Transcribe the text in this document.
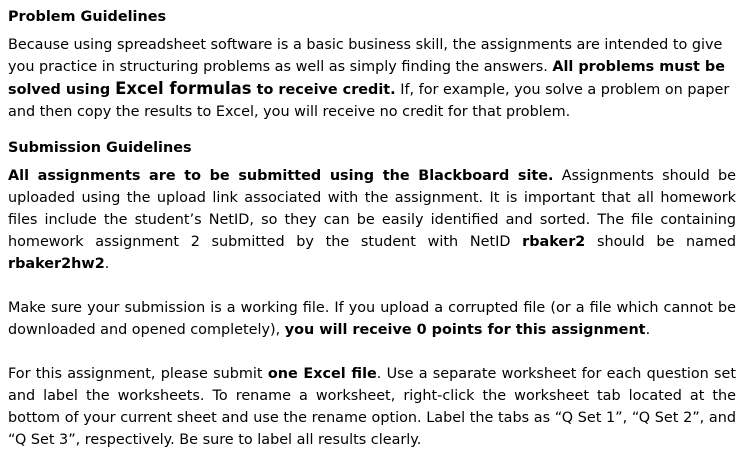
Problem Guidelines

Because using spreadsheet software is a basic business skill, the assignments are intended to give you practice in structuring problems as well as simply finding the answers. All problems must be solved using Excel formulas to receive credit. If, for example, you solve a problem on paper and then copy the results to Excel, you will receive no credit for that problem.

Submission Guidelines

All assignments are to be submitted using the Blackboard site. Assignments should be uploaded using the upload link associated with the assignment. It is important that all homework files include the student’s NetID, so they can be easily identified and sorted. The file containing homework assignment 2 submitted by the student with NetID rbaker2 should be named rbaker2hw2.

Make sure your submission is a working file. If you upload a corrupted file (or a file which cannot be downloaded and opened completely), you will receive 0 points for this assignment.

For this assignment, please submit one Excel file. Use a separate worksheet for each question set and label the worksheets. To rename a worksheet, right-click the worksheet tab located at the bottom of your current sheet and use the rename option. Label the tabs as “Q Set 1”, “Q Set 2”, and “Q Set 3”, respectively. Be sure to label all results clearly.
